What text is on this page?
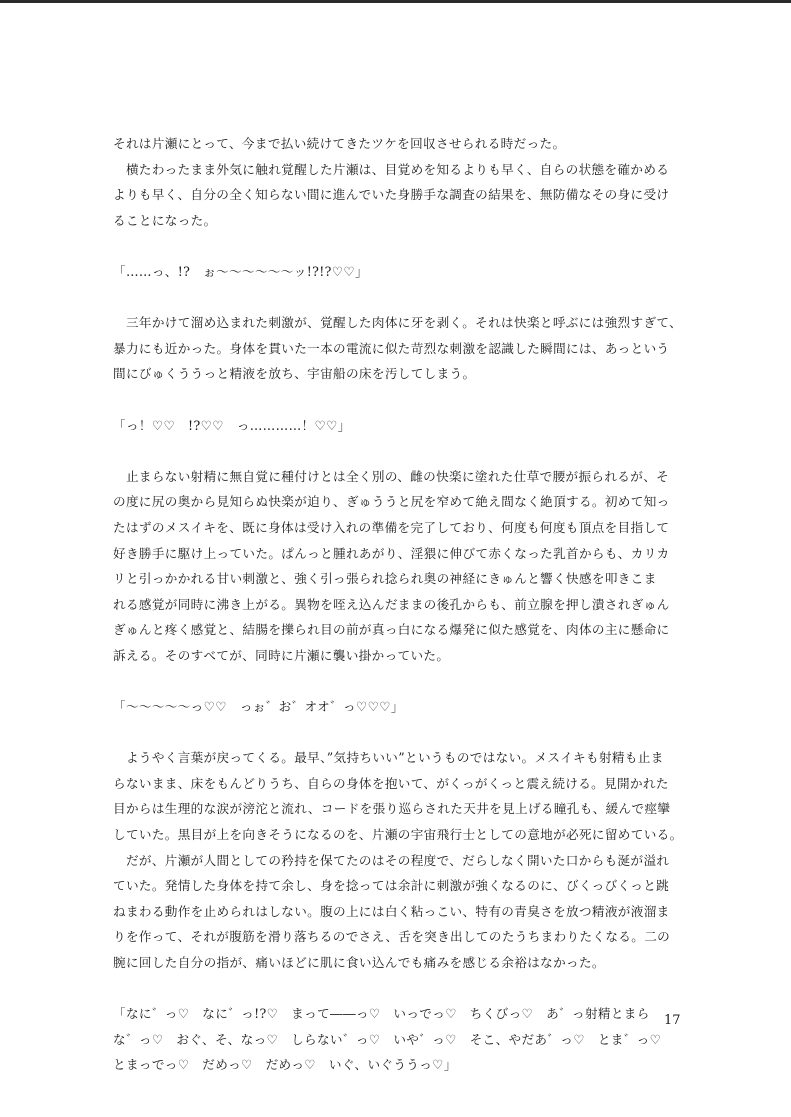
それは片瀬にとって、今まで払い続けてきたツケを回収させられる時だった。
　横たわったまま外気に触れ覚醒した片瀬は、目覚めを知るよりも早く、自らの状態を確かめる
よりも早く、自分の全く知らない間に進んでいた身勝手な調査の結果を、無防備なその身に受け
ることになった。
「……っ、!?　ぉ〜〜〜〜〜〜ッ!?!?♡♡」
　三年かけて溜め込まれた刺激が、覚醒した肉体に牙を剥く。それは快楽と呼ぶには強烈すぎて、
暴力にも近かった。身体を貫いた一本の電流に似た苛烈な刺激を認識した瞬間には、あっという
間にびゅくううっと精液を放ち、宇宙船の床を汚してしまう。
「っ！♡♡　!?♡♡　っ…………！♡♡」
　止まらない射精に無自覚に種付けとは全く別の、雌の快楽に塗れた仕草で腰が振られるが、そ
の度に尻の奥から見知らぬ快楽が迫り、ぎゅううと尻を窄めて絶え間なく絶頂する。初めて知っ
たはずのメスイキを、既に身体は受け入れの準備を完了しており、何度も何度も頂点を目指して
好き勝手に駆け上っていた。ぱんっと腫れあがり、淫猥に伸びて赤くなった乳首からも、カリカ
リと引っかかれる甘い刺激と、強く引っ張られ捻られ奥の神経にきゅんと響く快感を叩きこま
れる感覚が同時に沸き上がる。異物を咥え込んだままの後孔からも、前立腺を押し潰されぎゅん
ぎゅんと疼く感覚と、結腸を擽られ目の前が真っ白になる爆発に似た感覚を、肉体の主に懸命に
訴える。そのすべてが、同時に片瀬に襲い掛かっていた。
「〜〜〜〜〜っ♡♡　っぉ゛お゛オオ゛っ♡♡♡」
　ようやく言葉が戻ってくる。最早、”気持ちいい”というものではない。メスイキも射精も止ま
らないまま、床をもんどりうち、自らの身体を抱いて、がくっがくっと震え続ける。見開かれた
目からは生理的な涙が滂沱と流れ、コードを張り巡らされた天井を見上げる瞳孔も、緩んで痙攣
していた。黒目が上を向きそうになるのを、片瀬の宇宙飛行士としての意地が必死に留めている。
　だが、片瀬が人間としての矜持を保てたのはその程度で、だらしなく開いた口からも涎が溢れ
ていた。発情した身体を持て余し、身を捻っては余計に刺激が強くなるのに、びくっびくっと跳
ねまわる動作を止められはしない。腹の上には白く粘っこい、特有の青臭さを放つ精液が液溜ま
りを作って、それが腹筋を滑り落ちるのでさえ、舌を突き出してのたうちまわりたくなる。二の
腕に回した自分の指が、痛いほどに肌に食い込んでも痛みを感じる余裕はなかった。
「なに゛っ♡　なに゛っ!?♡　まって――っ♡　いっでっ♡　ちくびっ♡　あ゛っ射精とまら
な゛っ♡　おぐ、そ、なっ♡　しらない゛っ♡　いや゛っ♡　そこ、やだあ゛っ♡　とま゛っ♡
とまっでっ♡　だめっ♡　だめっ♡　いぐ、いぐううっ♡」
17
